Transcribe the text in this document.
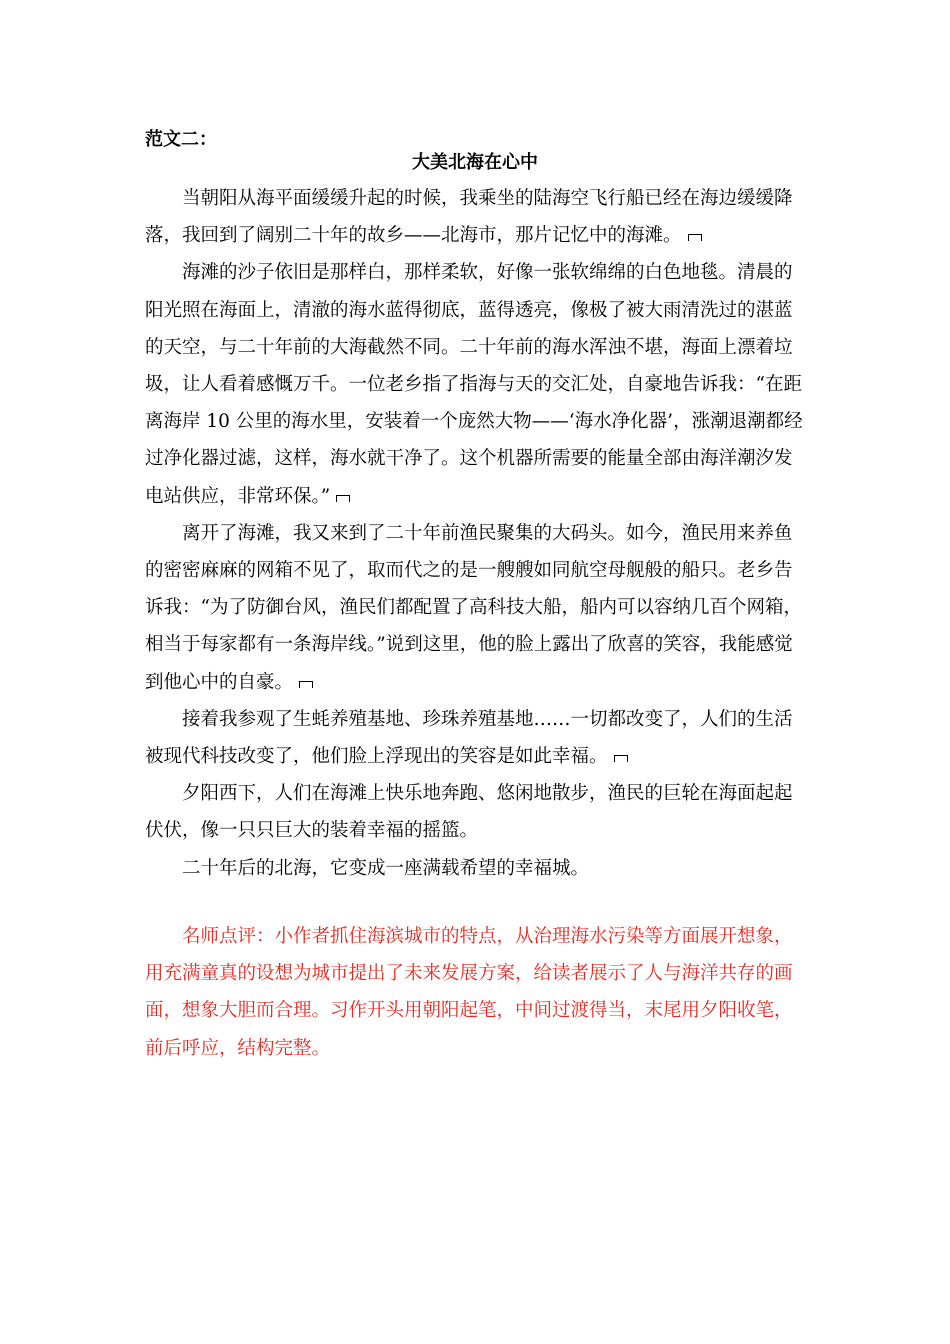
范文二：
大美北海在心中

当朝阳从海平面缓缓升起的时候，我乘坐的陆海空飞行船已经在海边缓缓降落，我回到了阔别二十年的故乡——北海市，那片记忆中的海滩。

海滩的沙子依旧是那样白，那样柔软，好像一张软绵绵的白色地毯。清晨的阳光照在海面上，清澈的海水蓝得彻底，蓝得透亮，像极了被大雨清洗过的湛蓝的天空，与二十年前的大海截然不同。二十年前的海水浑浊不堪，海面上漂着垃圾，让人看着感慨万千。一位老乡指了指海与天的交汇处，自豪地告诉我：“在距离海岸 10 公里的海水里，安装着一个庞然大物——‘海水净化器’，涨潮退潮都经过净化器过滤，这样，海水就干净了。这个机器所需要的能量全部由海洋潮汐发电站供应，非常环保。”

离开了海滩，我又来到了二十年前渔民聚集的大码头。如今，渔民用来养鱼的密密麻麻的网箱不见了，取而代之的是一艘艘如同航空母舰般的船只。老乡告诉我：“为了防御台风，渔民们都配置了高科技大船，船内可以容纳几百个网箱，相当于每家都有一条海岸线。”说到这里，他的脸上露出了欣喜的笑容，我能感觉到他心中的自豪。

接着我参观了生蚝养殖基地、珍珠养殖基地……一切都改变了，人们的生活被现代科技改变了，他们脸上浮现出的笑容是如此幸福。

夕阳西下，人们在海滩上快乐地奔跑、悠闲地散步，渔民的巨轮在海面起起伏伏，像一只只巨大的装着幸福的摇篮。

二十年后的北海，它变成一座满载希望的幸福城。

名师点评：小作者抓住海滨城市的特点，从治理海水污染等方面展开想象，用充满童真的设想为城市提出了未来发展方案，给读者展示了人与海洋共存的画面，想象大胆而合理。习作开头用朝阳起笔，中间过渡得当，末尾用夕阳收笔，前后呼应，结构完整。
